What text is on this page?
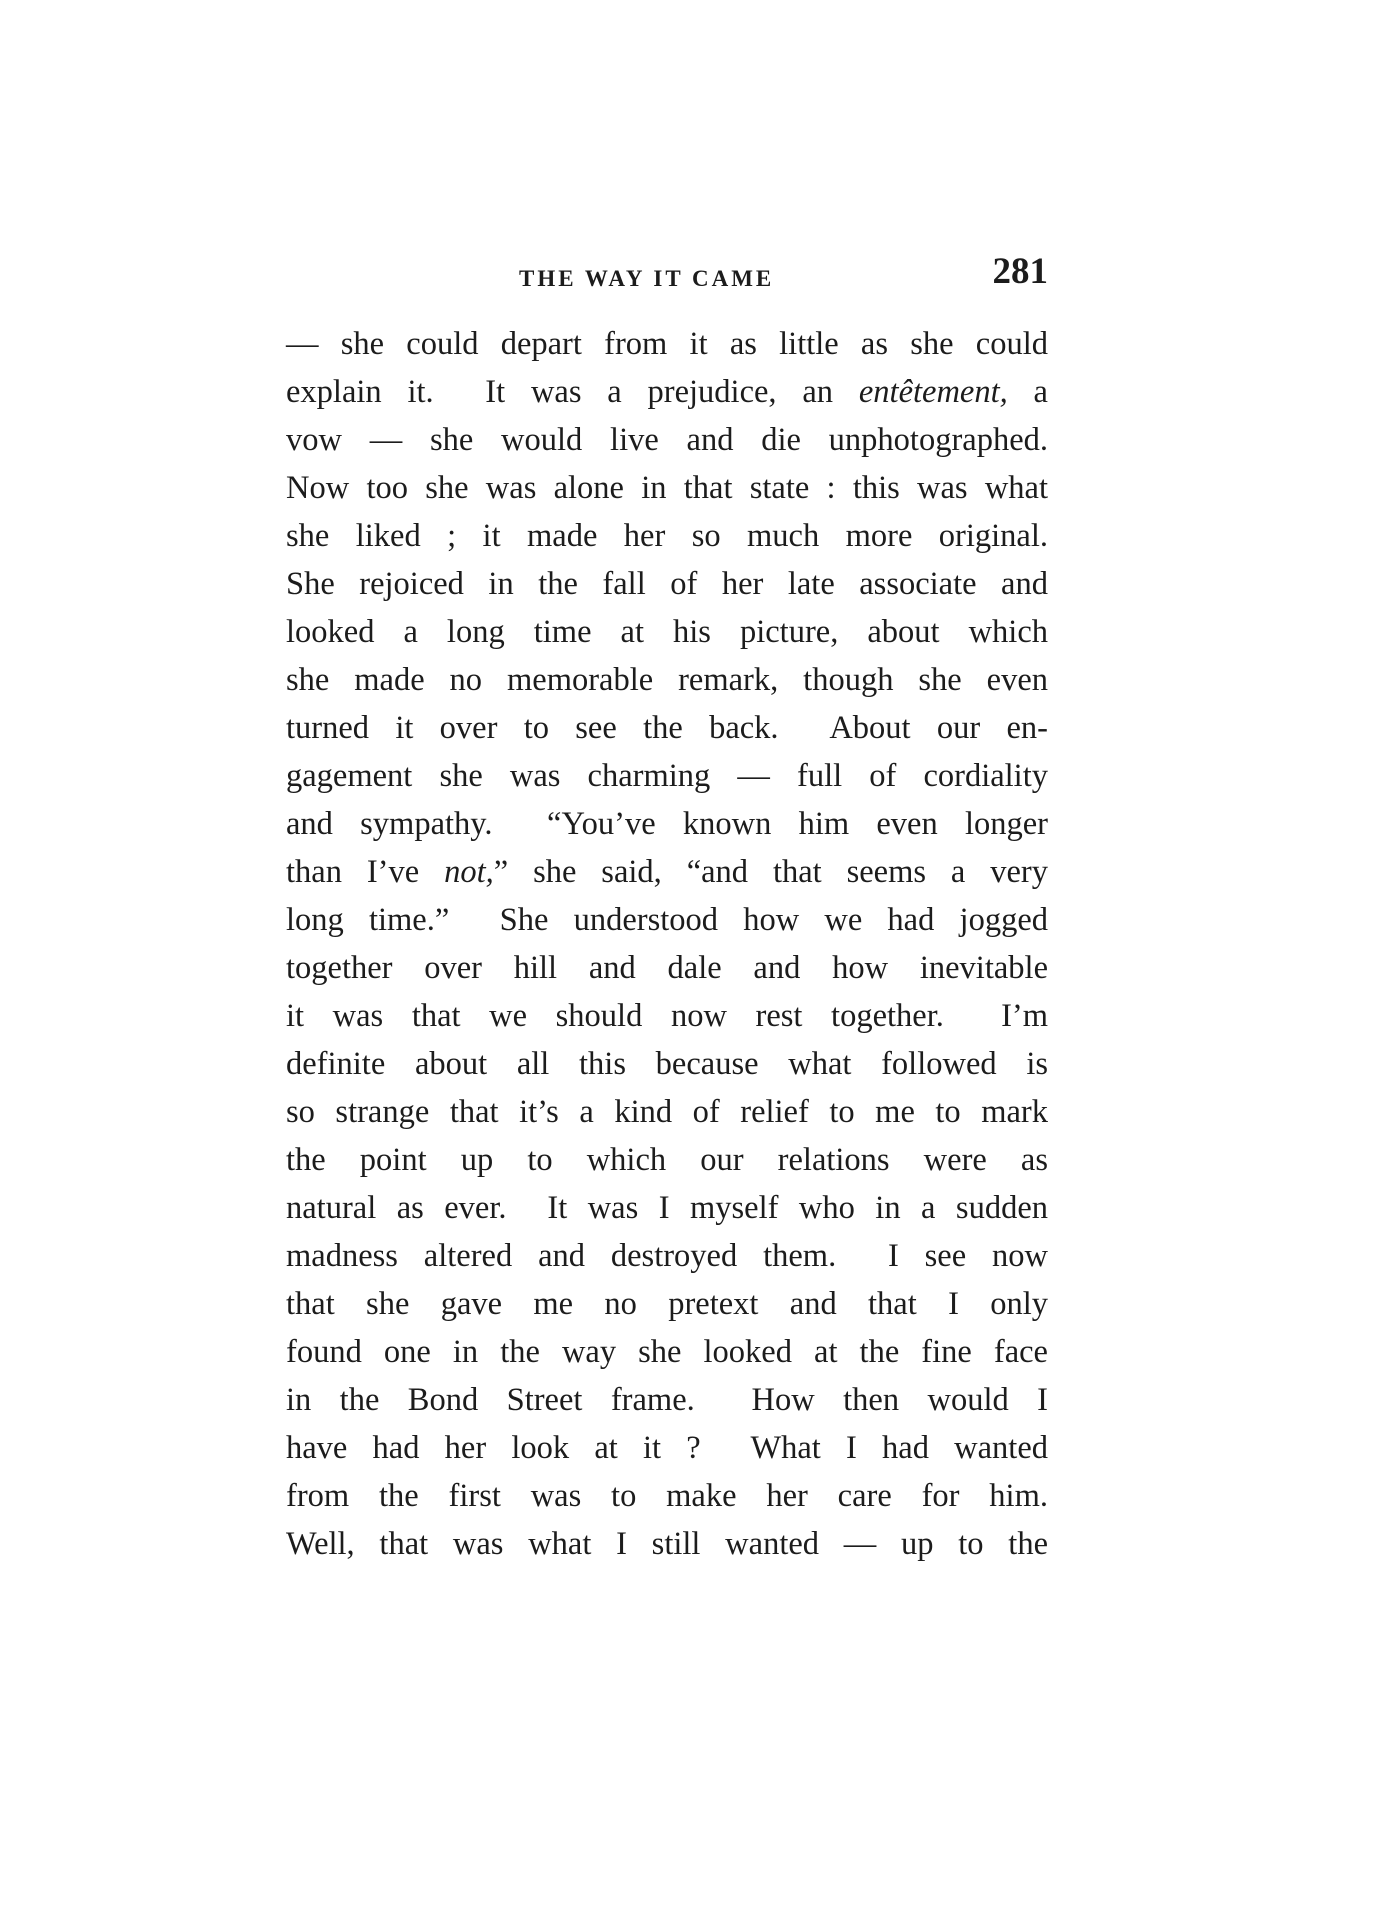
THE WAY IT CAME	281
— she could depart from it as little as she could
explain it.  It was a prejudice, an entêtement, a
vow — she would live and die unphotographed.
Now too she was alone in that state : this was what
she liked ; it made her so much more original.
She rejoiced in the fall of her late associate and
looked a long time at his picture, about which
she made no memorable remark, though she even
turned it over to see the back.  About our en-
gagement she was charming — full of cordiality
and sympathy.  “You’ve known him even longer
than I’ve not,” she said, “and that seems a very
long time.”  She understood how we had jogged
together over hill and dale and how inevitable
it was that we should now rest together.  I’m
definite about all this because what followed is
so strange that it’s a kind of relief to me to mark
the point up to which our relations were as
natural as ever.  It was I myself who in a sudden
madness altered and destroyed them.  I see now
that she gave me no pretext and that I only
found one in the way she looked at the fine face
in the Bond Street frame.  How then would I
have had her look at it ?  What I had wanted
from the first was to make her care for him.
Well, that was what I still wanted — up to the
